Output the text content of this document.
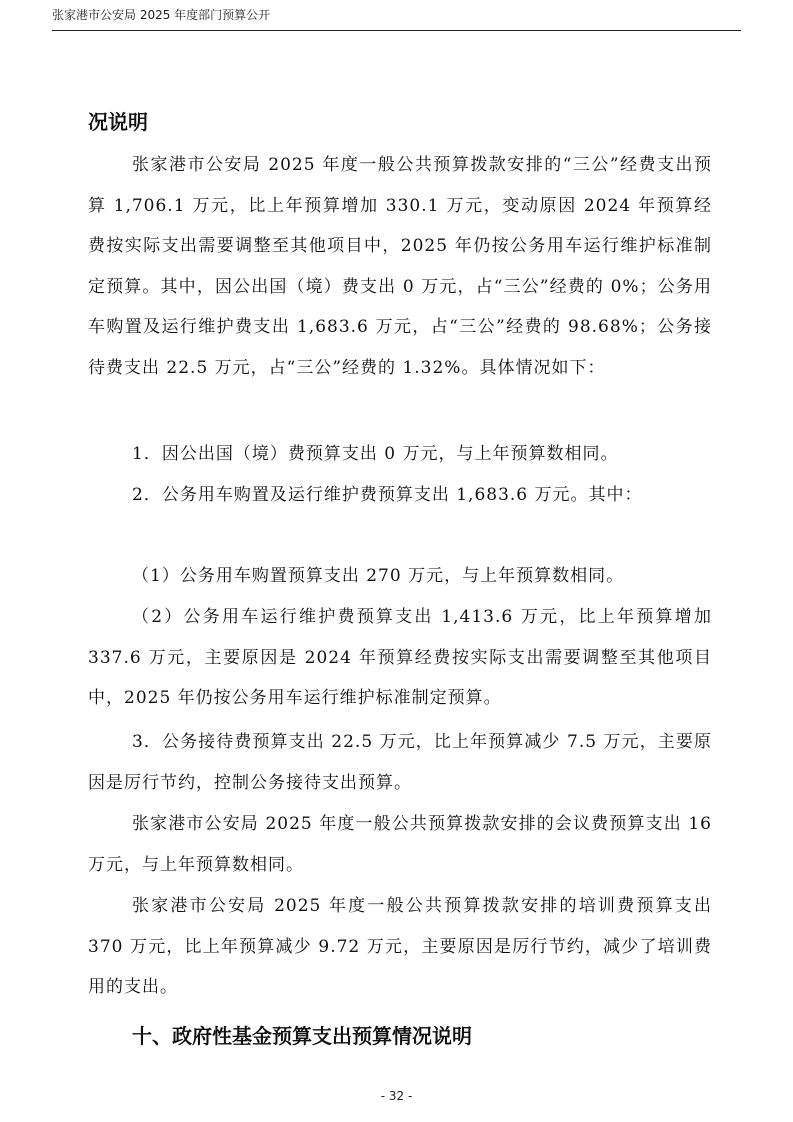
张家港市公安局 2025 年度部门预算公开
况说明
张家港市公安局 2025 年度一般公共预算拨款安排的“三公”经费支出预算 1,706.1 万元，比上年预算增加 330.1 万元，变动原因 2024 年预算经费按实际支出需要调整至其他项目中，2025 年仍按公务用车运行维护标准制定预算。其中，因公出国（境）费支出 0 万元，占“三公”经费的 0%；公务用车购置及运行维护费支出 1,683.6 万元，占“三公”经费的 98.68%；公务接待费支出 22.5 万元，占“三公”经费的 1.32%。具体情况如下：
1．因公出国（境）费预算支出 0 万元，与上年预算数相同。
2．公务用车购置及运行维护费预算支出 1,683.6 万元。其中：
（1）公务用车购置预算支出 270 万元，与上年预算数相同。
（2）公务用车运行维护费预算支出 1,413.6 万元，比上年预算增加 337.6 万元，主要原因是 2024 年预算经费按实际支出需要调整至其他项目中，2025 年仍按公务用车运行维护标准制定预算。
3．公务接待费预算支出 22.5 万元，比上年预算减少 7.5 万元，主要原因是厉行节约，控制公务接待支出预算。
张家港市公安局 2025 年度一般公共预算拨款安排的会议费预算支出 16 万元，与上年预算数相同。
张家港市公安局 2025 年度一般公共预算拨款安排的培训费预算支出 370 万元，比上年预算减少 9.72 万元，主要原因是厉行节约，减少了培训费用的支出。
十、政府性基金预算支出预算情况说明
- 32 -
